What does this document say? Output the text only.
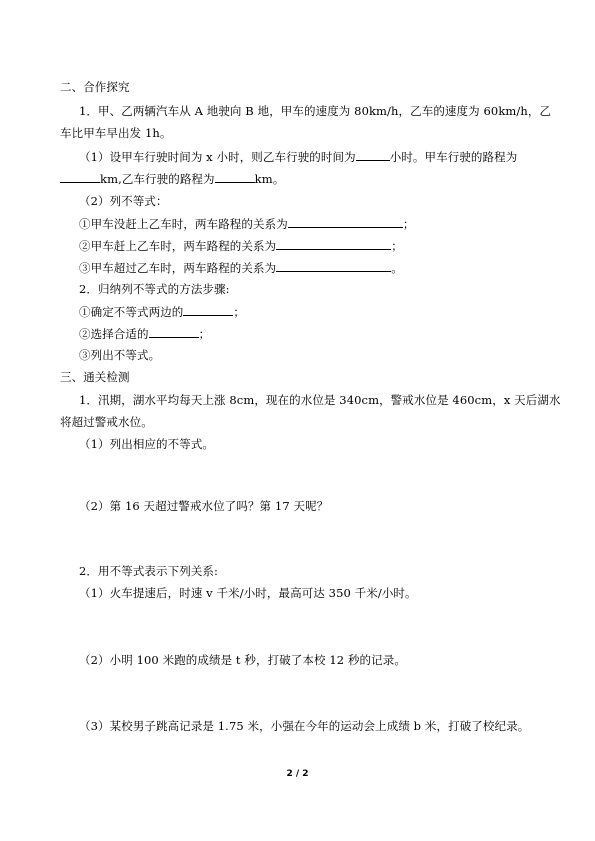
二、合作探究
1．甲、乙两辆汽车从 A 地驶向 B 地，甲车的速度为 80km/h，乙车的速度为 60km/h，乙
车比甲车早出发 1h。
（1）设甲车行驶时间为 x 小时，则乙车行驶的时间为	小时。甲车行驶的路程为
km,乙车行驶的路程为	km。
（2）列不等式：
①甲车没赶上乙车时，两车路程的关系为	；
②甲车赶上乙车时，两车路程的关系为	；
③甲车超过乙车时，两车路程的关系为	。
2．归纳列不等式的方法步骤:
①确定不等式两边的	；
②选择合适的	；
③列出不等式。
三、通关检测
1．汛期，湖水平均每天上涨 8cm，现在的水位是 340cm，警戒水位是 460cm，x 天后湖水
将超过警戒水位。
（1）列出相应的不等式。
（2）第 16 天超过警戒水位了吗？第 17 天呢？
2．用不等式表示下列关系:
（1）火车提速后，时速 v 千米/小时，最高可达 350 千米/小时。
（2）小明 100 米跑的成绩是 t 秒，打破了本校 12 秒的记录。
（3）某校男子跳高记录是 1.75 米，小强在今年的运动会上成绩 b 米，打破了校纪录。
2 / 2
